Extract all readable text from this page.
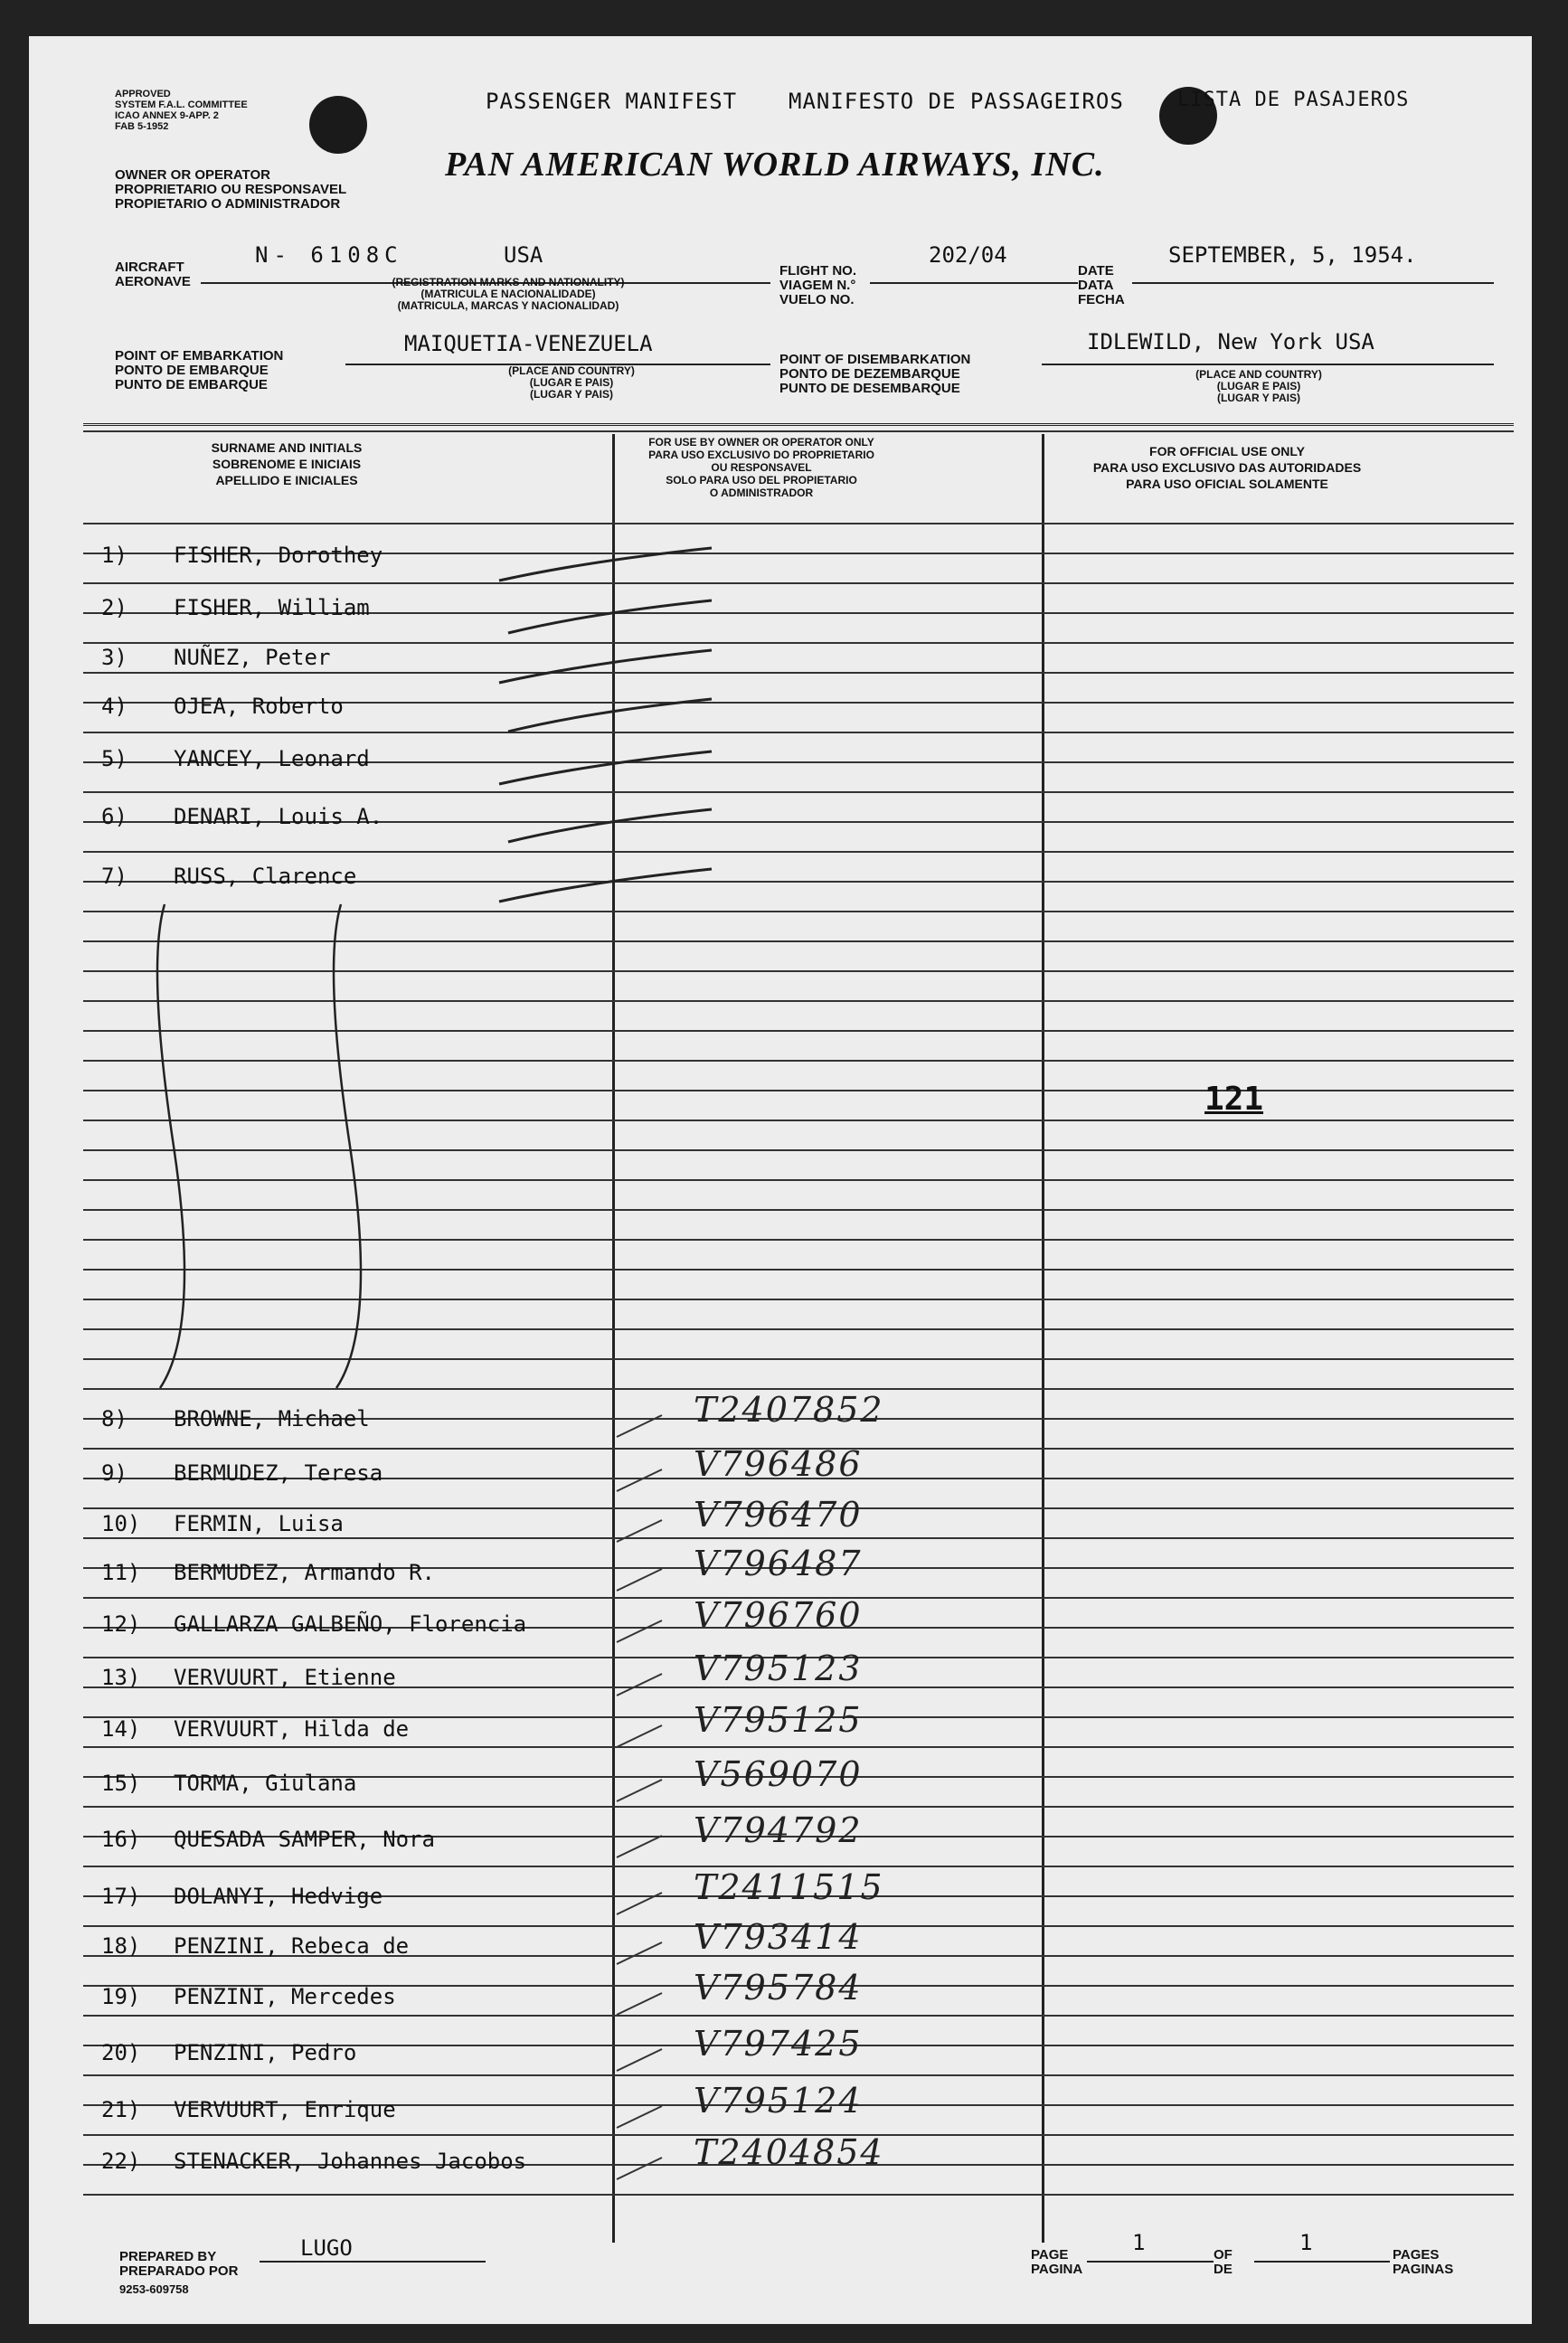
APPROVED
SYSTEM F.A.L. COMMITTEE
ICAO ANNEX 9-APP. 2
FAB 5-1952
PASSENGER MANIFEST MANIFESTO DE PASSAGEIROS	LISTA DE PASAJEROS
PAN AMERICAN WORLD AIRWAYS, INC.
OWNER OR OPERATOR
PROPRIETARIO OU RESPONSAVEL
PROPIETARIO O ADMINISTRADOR
AIRCRAFT
AERONAVE
N- 6108C	USA
(REGISTRATION MARKS AND NATIONALITY)
(MATRICULA E NACIONALIDADE)
(MATRICULA, MARCAS Y NACIONALIDAD)
FLIGHT NO.
VIAGEM N.°
VUELO NO.
202/04
DATE
DATA
FECHA
SEPTEMBER, 5, 1954.
POINT OF EMBARKATION
PONTO DE EMBARQUE
PUNTO DE EMBARQUE
MAIQUETIA-VENEZUELA
(PLACE AND COUNTRY)
(LUGAR E PAIS)
(LUGAR Y PAIS)
POINT OF DISEMBARKATION
PONTO DE DEZEMBARQUE
PUNTO DE DESEMBARQUE
IDLEWILD, New York USA
(PLACE AND COUNTRY)
(LUGAR E PAIS)
(LUGAR Y PAIS)
SURNAME AND INITIALS
SOBRENOME E INICIAIS
APELLIDO E INICIALES
FOR USE BY OWNER OR OPERATOR ONLY
PARA USO EXCLUSIVO DO PROPRIETARIO
OU RESPONSAVEL
SOLO PARA USO DEL PROPIETARIO
O ADMINISTRADOR
FOR OFFICIAL USE ONLY
PARA USO EXCLUSIVO DAS AUTORIDADES
PARA USO OFICIAL SOLAMENTE
1)	FISHER, Dorothey
2)	FISHER, William
3)	NUÑEZ, Peter
4)	OJEA, Roberto
5)	YANCEY, Leonard
6)	DENARI, Louis A.
7)	RUSS, Clarence
8)	BROWNE, Michael	T2407852
9)	BERMUDEZ, Teresa	V796486
10)	FERMIN, Luisa	V796470
11)	BERMUDEZ, Armando R.	V796487
12)	GALLARZA GALBEÑO, Florencia	V796760
13)	VERVUURT, Etienne	V795123
14)	VERVUURT, Hilda de	V795125
15)	TORMA, Giulana	V569070
16)	QUESADA SAMPER, Nora	V794792
17)	DOLANYI, Hedvige	T2411515
18)	PENZINI, Rebeca de	V793414
19)	PENZINI, Mercedes	V795784
20)	PENZINI, Pedro	V797425
21)	VERVUURT, Enrique	V795124
22)	STENACKER, Johannes Jacobos	T2404854
121
PREPARED BY
PREPARADO POR
LUGO
9253-609758
PAGE
PAGINA
1	OF
DE
1	PAGES
PAGINAS
